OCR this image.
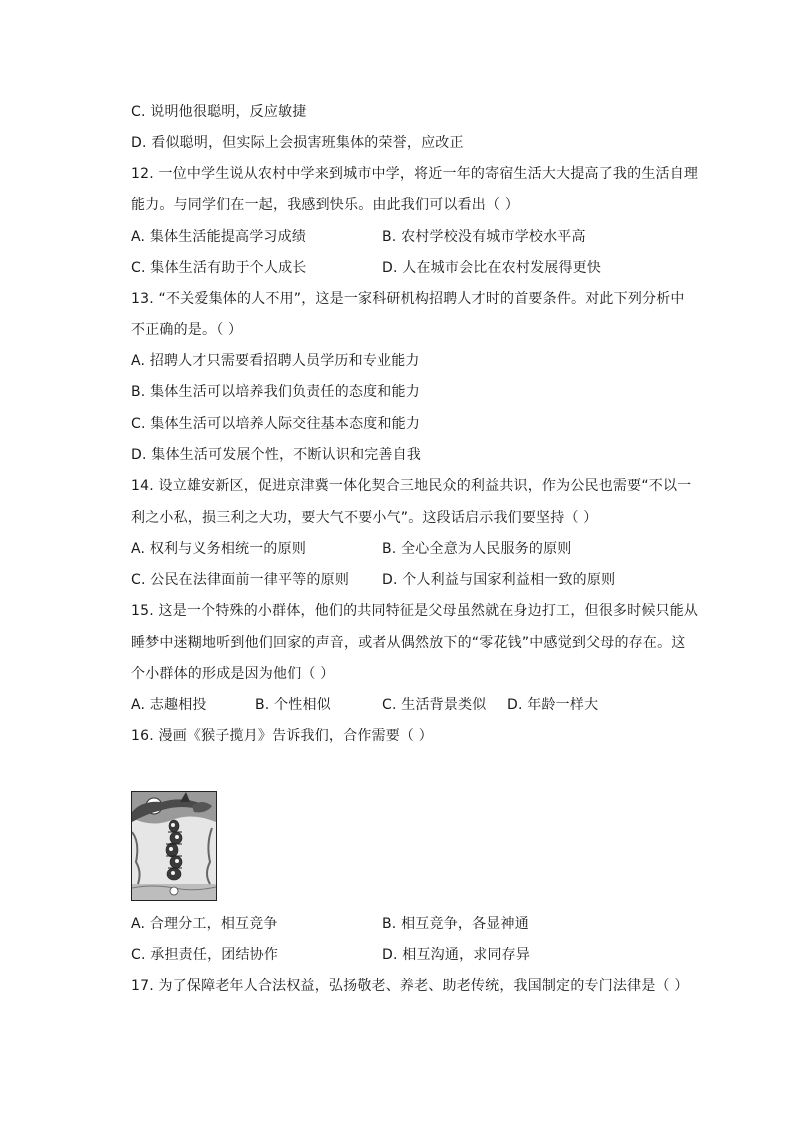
C. 说明他很聪明，反应敏捷
D. 看似聪明，但实际上会损害班集体的荣誉，应改正
12. 一位中学生说从农村中学来到城市中学，将近一年的寄宿生活大大提高了我的生活自理
能力。与同学们在一起，我感到快乐。由此我们可以看出（ ）
A. 集体生活能提高学习成绩	B. 农村学校没有城市学校水平高
C. 集体生活有助于个人成长	D. 人在城市会比在农村发展得更快
13. “不关爱集体的人不用”，这是一家科研机构招聘人才时的首要条件。对此下列分析中
不正确的是。（ ）
A. 招聘人才只需要看招聘人员学历和专业能力
B. 集体生活可以培养我们负责任的态度和能力
C. 集体生活可以培养人际交往基本态度和能力
D. 集体生活可发展个性，不断认识和完善自我
14. 设立雄安新区，促进京津冀一体化契合三地民众的利益共识，作为公民也需要“不以一
利之小私，损三利之大功，要大气不要小气”。这段话启示我们要坚持（ ）
A. 权利与义务相统一的原则	B. 全心全意为人民服务的原则
C. 公民在法律面前一律平等的原则 D. 个人利益与国家利益相一致的原则
15. 这是一个特殊的小群体，他们的共同特征是父母虽然就在身边打工，但很多时候只能从
睡梦中迷糊地听到他们回家的声音，或者从偶然放下的“零花钱”中感觉到父母的存在。这
个小群体的形成是因为他们（ ）
A. 志趣相投	B. 个性相似	C. 生活背景类似 D. 年龄一样大
16. 漫画《猴子揽月》告诉我们，合作需要（ ）
A. 合理分工，相互竞争	B. 相互竞争，各显神通
C. 承担责任，团结协作	D. 相互沟通，求同存异
17. 为了保障老年人合法权益，弘扬敬老、养老、助老传统，我国制定的专门法律是（ ）
